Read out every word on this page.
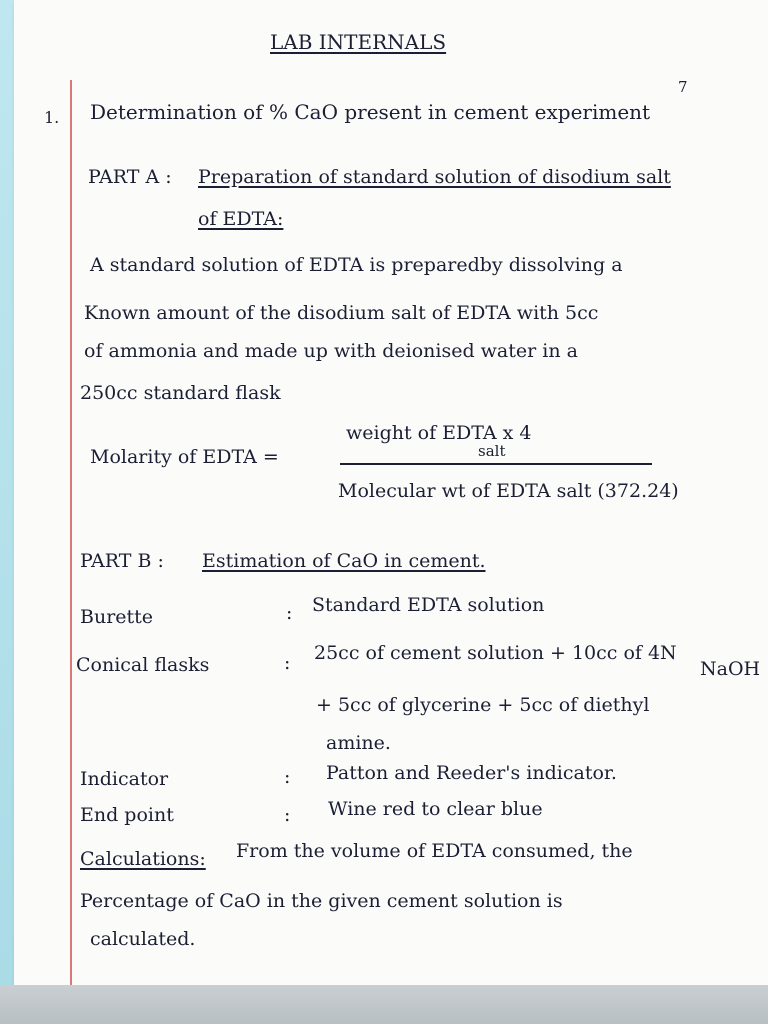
LAB INTERNALS
7
1. Determination of % CaO present in cement experiment
PART A : Preparation of standard solution of disodium salt
of EDTA:
A standard solution of EDTA is preparedby dissolving a
Known amount of the disodium salt of EDTA with 5cc
of ammonia and made up with deionised water in a
250cc standard flask
Molarity of EDTA =
weight of EDTA x 4
salt
Molecular wt of EDTA salt (372.24)
PART B : Estimation of CaO in cement.
Burette	: Standard EDTA solution
Conical flasks	: 25cc of cement solution + 10cc of 4N
NaOH
+ 5cc of glycerine + 5cc of diethyl
amine.
Indicator	: Patton and Reeder's indicator.
End point	: Wine red to clear blue
Calculations: From the volume of EDTA consumed, the
Percentage of CaO in the given cement solution is
calculated.
